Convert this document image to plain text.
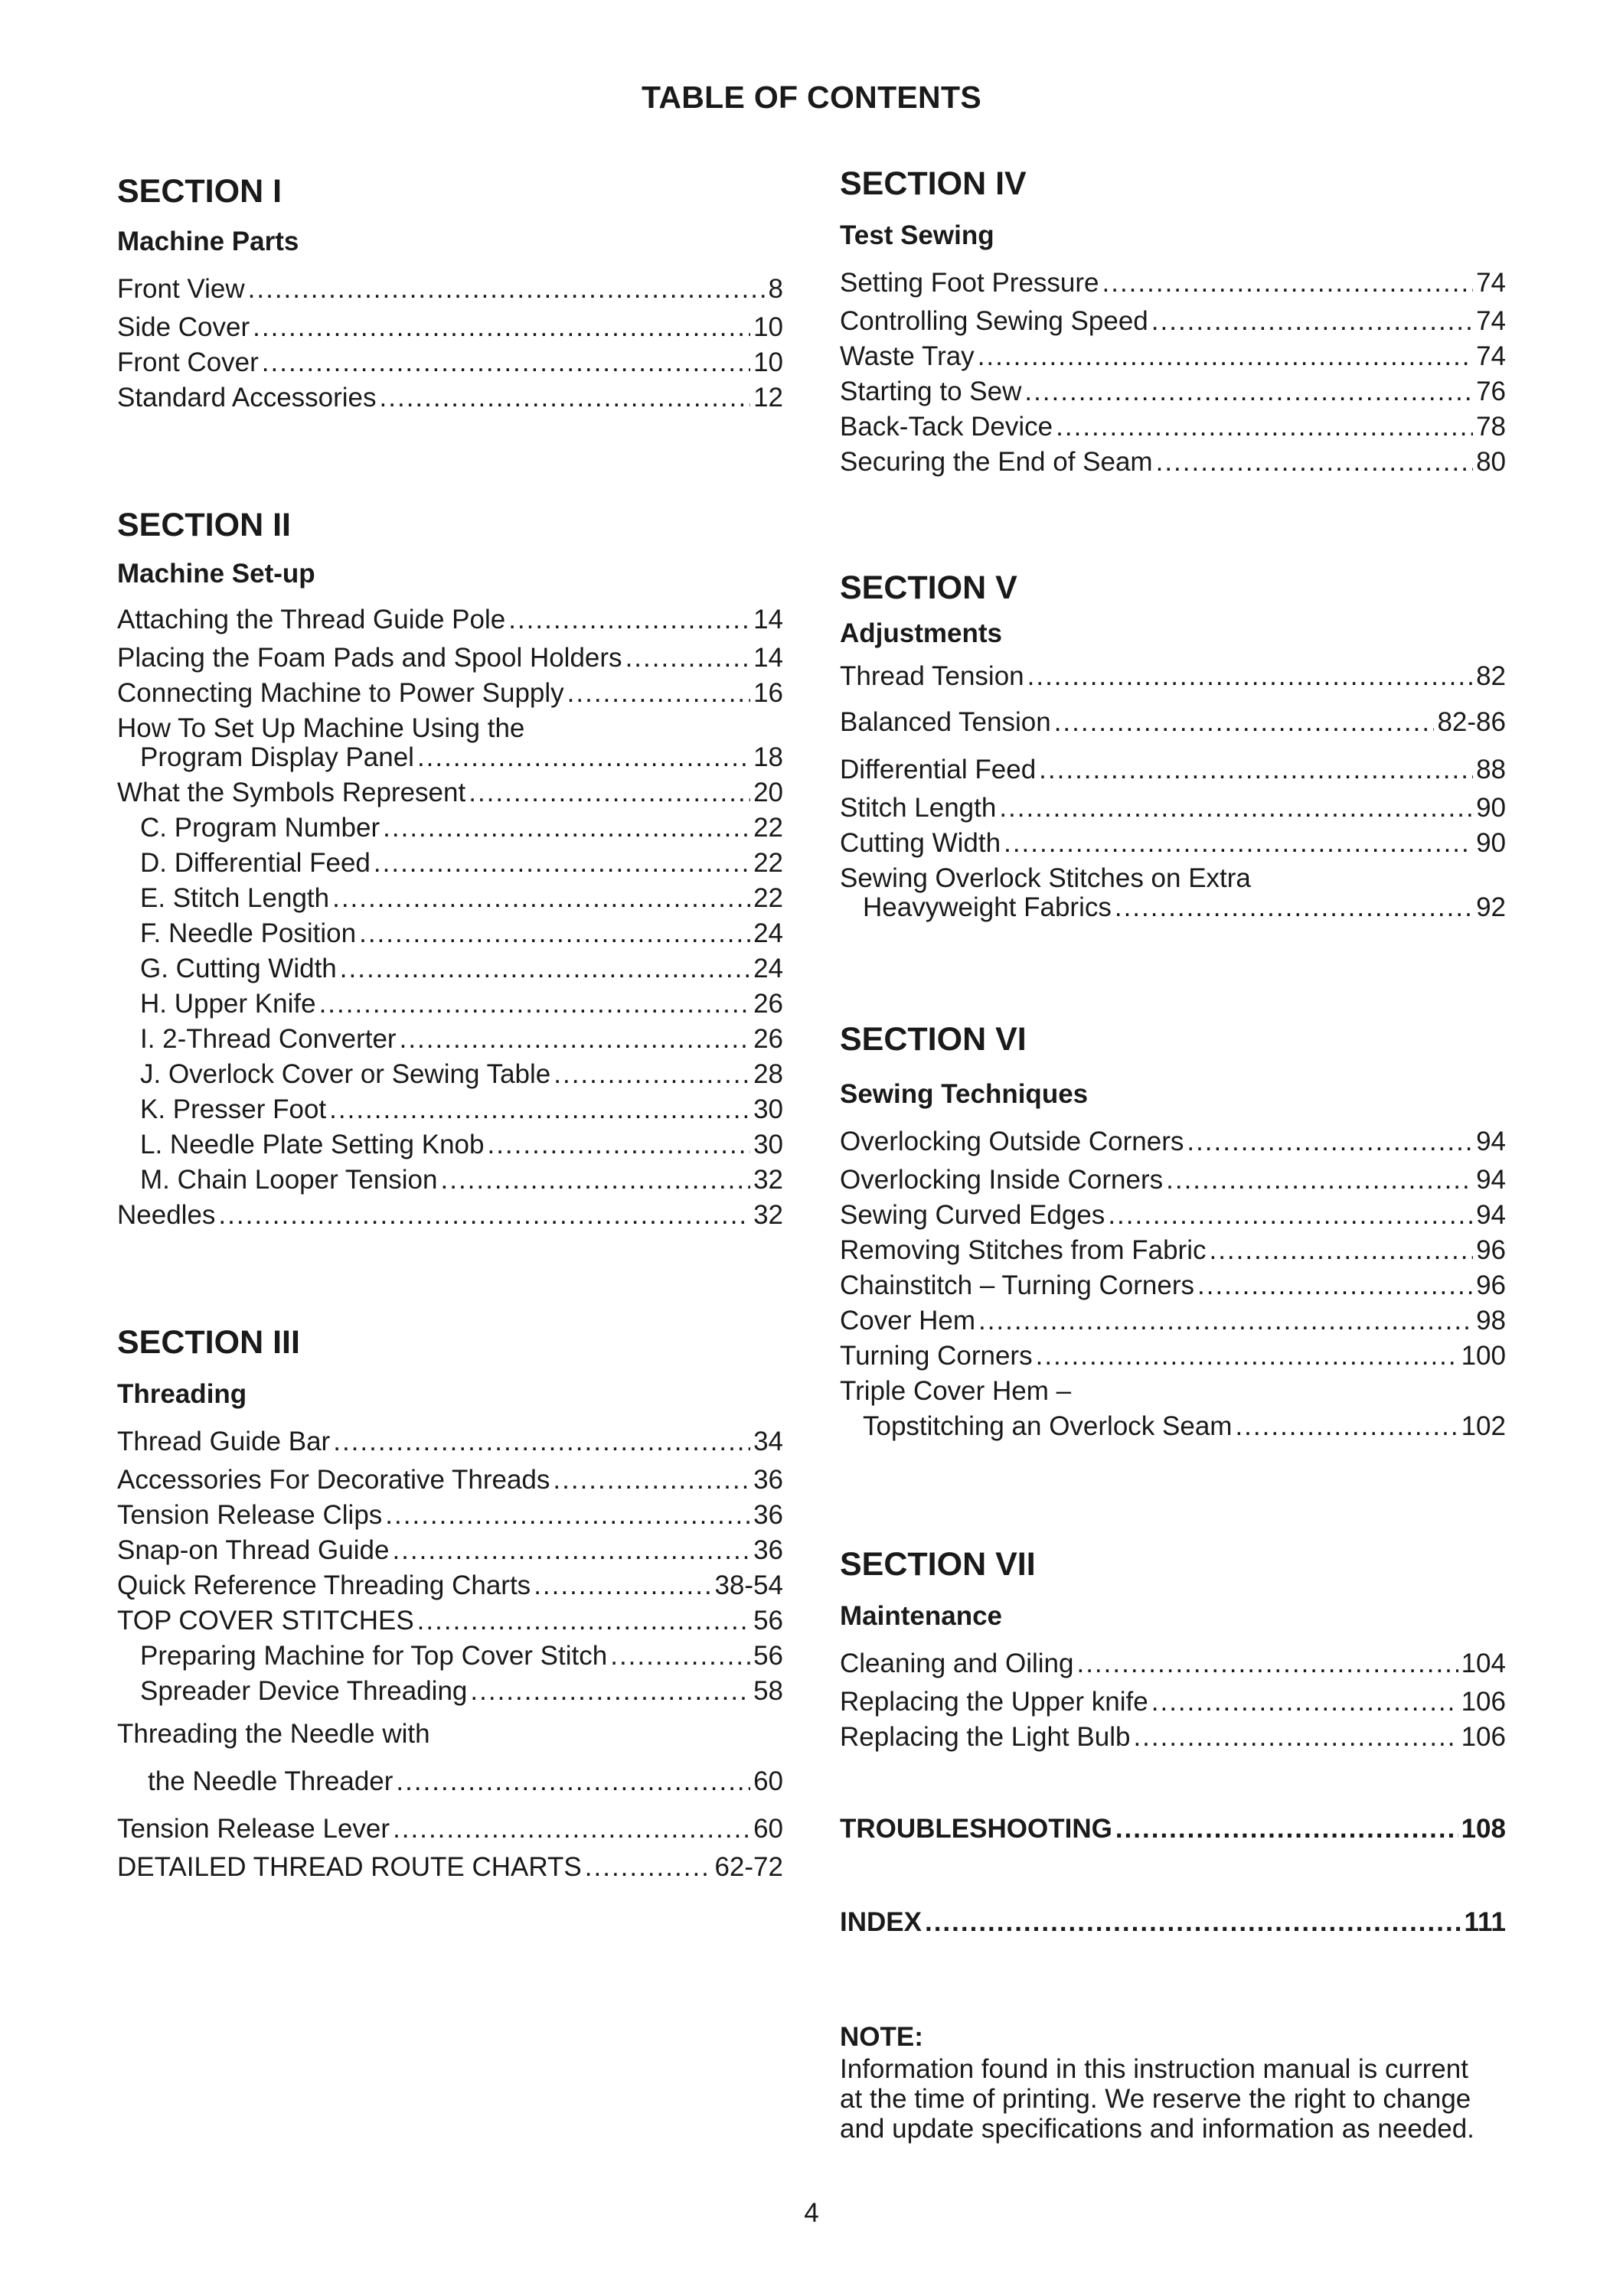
TABLE OF CONTENTS
SECTION I
Machine Parts
Front View .....	8
Side Cover .....	10
Front Cover .....	10
Standard Accessories .....	12
SECTION II
Machine Set-up
Attaching the Thread Guide Pole .....	14
Placing the Foam Pads and Spool Holders .....	14
Connecting Machine to Power Supply .....	16
How To Set Up Machine Using the
Program Display Panel .....	18
What the Symbols Represent .....	20
C. Program Number .....	22
D. Differential Feed .....	22
E. Stitch Length .....	22
F. Needle Position .....	24
G. Cutting Width .....	24
H. Upper Knife .....	26
I. 2-Thread Converter .....	26
J. Overlock Cover or Sewing Table .....	28
K. Presser Foot .....	30
L. Needle Plate Setting Knob .....	30
M. Chain Looper Tension .....	32
Needles .....	32
SECTION III
Threading
Thread Guide Bar .....	34
Accessories For Decorative Threads .....	36
Tension Release Clips .....	36
Snap-on Thread Guide .....	36
Quick Reference Threading Charts .....	38-54
TOP COVER STITCHES .....	56
Preparing Machine for Top Cover Stitch .....	56
Spreader Device Threading .....	58
Threading the Needle with
the Needle Threader .....	60
Tension Release Lever .....	60
DETAILED THREAD ROUTE CHARTS .....	62-72
SECTION IV
Test Sewing
Setting Foot Pressure .....	74
Controlling Sewing Speed .....	74
Waste Tray .....	74
Starting to Sew .....	76
Back-Tack Device .....	78
Securing the End of Seam .....	80
SECTION V
Adjustments
Thread Tension .....	82
Balanced Tension .....	82-86
Differential Feed .....	88
Stitch Length .....	90
Cutting Width .....	90
Sewing Overlock Stitches on Extra
Heavyweight Fabrics .....	92
SECTION VI
Sewing Techniques
Overlocking Outside Corners .....	94
Overlocking Inside Corners .....	94
Sewing Curved Edges .....	94
Removing Stitches from Fabric .....	96
Chainstitch – Turning Corners .....	96
Cover Hem .....	98
Turning Corners .....	100
Triple Cover Hem –
Topstitching an Overlock Seam .....	102
SECTION VII
Maintenance
Cleaning and Oiling .....	104
Replacing the Upper knife .....	106
Replacing the Light Bulb .....	106
TROUBLESHOOTING .....	108
INDEX .....	111
NOTE:
Information found in this instruction manual is current
at the time of printing. We reserve the right to change
and update specifications and information as needed.
4
